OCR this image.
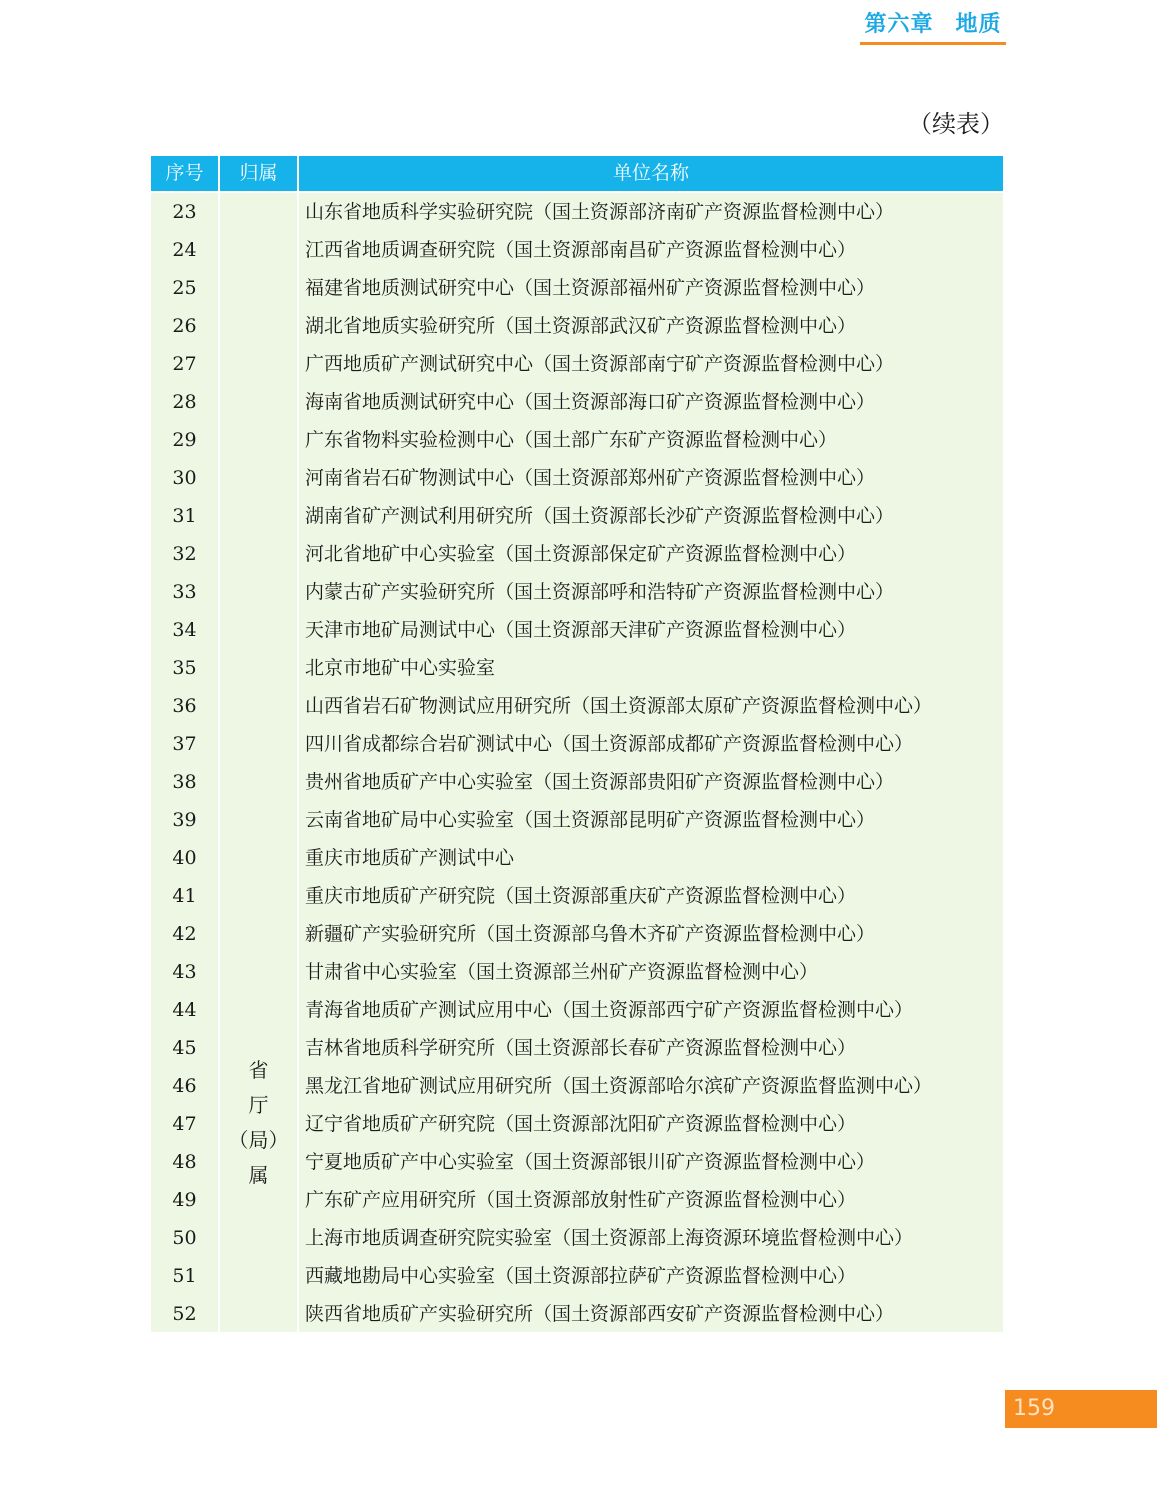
第六章 地质
（续表）
序号	归属	单位名称
省
厅
（局）
属
23	山东省地质科学实验研究院（国土资源部济南矿产资源监督检测中心）
24	江西省地质调查研究院（国土资源部南昌矿产资源监督检测中心）
25	福建省地质测试研究中心（国土资源部福州矿产资源监督检测中心）
26	湖北省地质实验研究所（国土资源部武汉矿产资源监督检测中心）
27	广西地质矿产测试研究中心（国土资源部南宁矿产资源监督检测中心）
28	海南省地质测试研究中心（国土资源部海口矿产资源监督检测中心）
29	广东省物料实验检测中心（国土部广东矿产资源监督检测中心）
30	河南省岩石矿物测试中心（国土资源部郑州矿产资源监督检测中心）
31	湖南省矿产测试利用研究所（国土资源部长沙矿产资源监督检测中心）
32	河北省地矿中心实验室（国土资源部保定矿产资源监督检测中心）
33	内蒙古矿产实验研究所（国土资源部呼和浩特矿产资源监督检测中心）
34	天津市地矿局测试中心（国土资源部天津矿产资源监督检测中心）
35	北京市地矿中心实验室
36	山西省岩石矿物测试应用研究所（国土资源部太原矿产资源监督检测中心）
37	四川省成都综合岩矿测试中心（国土资源部成都矿产资源监督检测中心）
38	贵州省地质矿产中心实验室（国土资源部贵阳矿产资源监督检测中心）
39	云南省地矿局中心实验室（国土资源部昆明矿产资源监督检测中心）
40	重庆市地质矿产测试中心
41	重庆市地质矿产研究院（国土资源部重庆矿产资源监督检测中心）
42	新疆矿产实验研究所（国土资源部乌鲁木齐矿产资源监督检测中心）
43	甘肃省中心实验室（国土资源部兰州矿产资源监督检测中心）
44	青海省地质矿产测试应用中心（国土资源部西宁矿产资源监督检测中心）
45	吉林省地质科学研究所（国土资源部长春矿产资源监督检测中心）
46	黑龙江省地矿测试应用研究所（国土资源部哈尔滨矿产资源监督监测中心）
47	辽宁省地质矿产研究院（国土资源部沈阳矿产资源监督检测中心）
48	宁夏地质矿产中心实验室（国土资源部银川矿产资源监督检测中心）
49	广东矿产应用研究所（国土资源部放射性矿产资源监督检测中心）
50	上海市地质调查研究院实验室（国土资源部上海资源环境监督检测中心）
51	西藏地勘局中心实验室（国土资源部拉萨矿产资源监督检测中心）
52	陕西省地质矿产实验研究所（国土资源部西安矿产资源监督检测中心）
159
